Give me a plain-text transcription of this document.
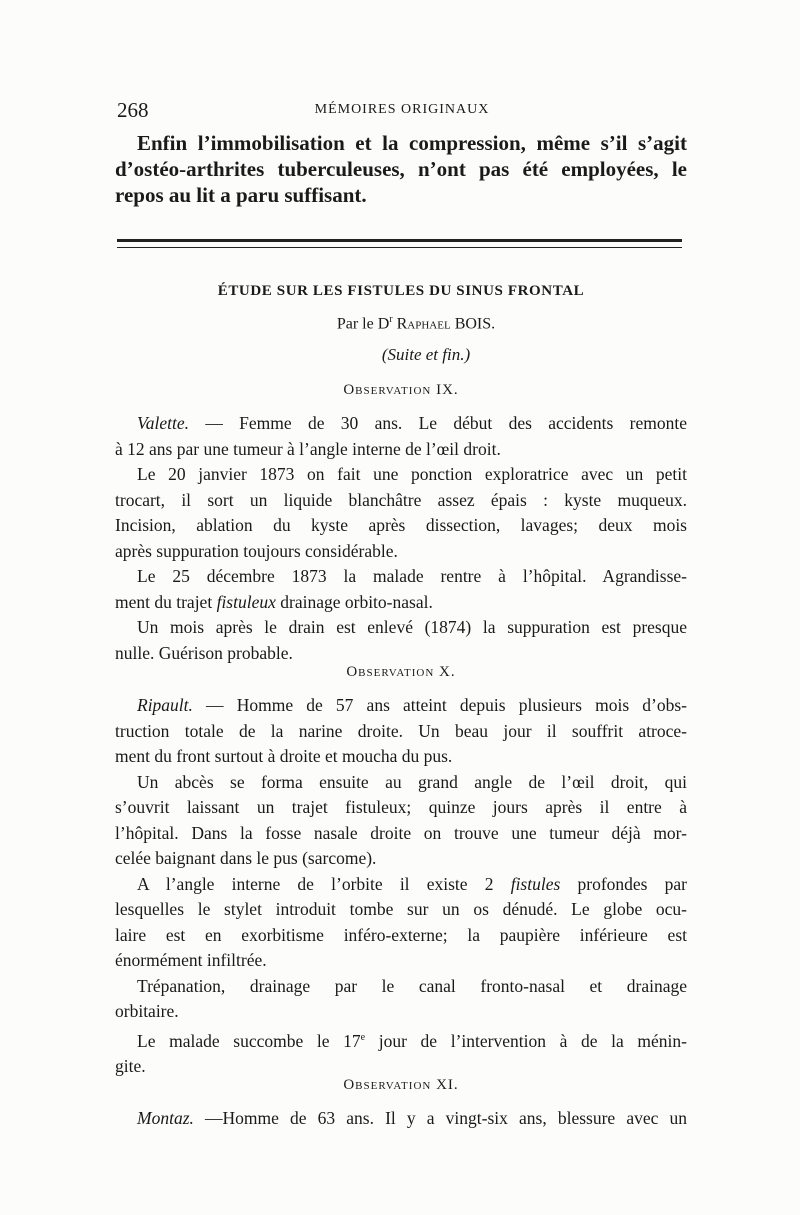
268	MÉMOIRES ORIGINAUX

Enfin l’immobilisation et la compression, même s’il s’agit

d’ostéo-arthrites tuberculeuses, n’ont pas été employées, le

repos au lit a paru suffisant.

ÉTUDE SUR LES FISTULES DU SINUS FRONTAL
Par le $D^r$ Raphael BOIS.
(Suite et fin.)
Observation IX.

Valette. — Femme de 30 ans. Le début des accidents remonte

à 12 ans par une tumeur à l’angle interne de l’œil droit.

Le 20 janvier 1873 on fait une ponction exploratrice avec un petit

trocart, il sort un liquide blanchâtre assez épais : kyste muqueux.

Incision, ablation du kyste après dissection, lavages; deux mois

après suppuration toujours considérable.

Le 25 décembre 1873 la malade rentre à l’hôpital. Agrandisse-

ment du trajet fistuleux drainage orbito-nasal.

Un mois après le drain est enlevé (1874) la suppuration est presque

nulle. Guérison probable.

Observation X.

Ripault. — Homme de 57 ans atteint depuis plusieurs mois d’obs-

truction totale de la narine droite. Un beau jour il souffrit atroce-

ment du front surtout à droite et moucha du pus.

Un abcès se forma ensuite au grand angle de l’œil droit, qui

s’ouvrit laissant un trajet fistuleux; quinze jours après il entre à

l’hôpital. Dans la fosse nasale droite on trouve une tumeur déjà mor-

celée baignant dans le pus (sarcome).

A l’angle interne de l’orbite il existe 2 fistules profondes par

lesquelles le stylet introduit tombe sur un os dénudé. Le globe ocu-

laire est en exorbitisme inféro-externe; la paupière inférieure est

énormément infiltrée.

Trépanation, drainage par le canal fronto-nasal et drainage

orbitaire.

Le malade succombe le 17e jour de l’intervention à de la ménin-

gite.

Observation XI.

Montaz. —Homme de 63 ans. Il y a vingt-six ans, blessure avec un
